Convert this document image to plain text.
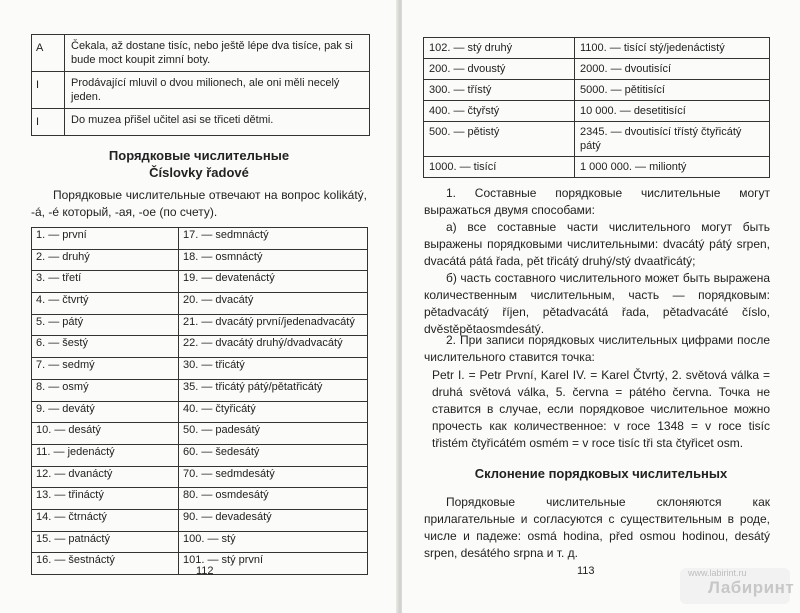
A	Čekala, až dostane tisíc, nebo ještě lépe dva tisíce, pak si bude moct koupit zimní boty.
I	Prodávající mluvil o dvou milionech, ale oni měli necelý jeden.
I	Do muzea přišel učitel asi se třiceti dětmi.
Порядковые числительные
Číslovky řadové
Порядковые числительные отвечают на вопрос kolikátý, -á, -é который, -ая, -ое (по счету).
1. — první	17. — sedmnáctý
2. — druhý	18. — osmnáctý
3. — třetí	19. — devatenáctý
4. — čtvrtý	20. — dvacátý
5. — pátý	21. — dvacátý první/jedenadvacátý
6. — šestý	22. — dvacátý druhý/dvadvacátý
7. — sedmý	30. — třicátý
8. — osmý	35. — třicátý pátý/pětatřicátý
9. — devátý	40. — čtyřicátý
10. — desátý	50. — padesátý
11. — jedenáctý	60. — šedesátý
12. — dvanáctý	70. — sedmdesátý
13. — třináctý	80. — osmdesátý
14. — čtrnáctý	90. — devadesátý
15. — patnáctý	100. — stý
16. — šestnáctý	101. — stý první
112
102. — stý druhý	1100. — tisící stý/jedenáctistý
200. — dvoustý	2000. — dvoutisící
300. — třístý	5000. — pětitisící
400. — čtyřstý	10 000. — desetitisící
500. — pětistý	2345. — dvoutisící třístý čtyřicátý pátý
1000. — tisící	1 000 000. — miliontý
1. Составные порядковые числительные могут выражаться двумя способами:
а) все составные части числительного могут быть выражены порядковыми числительными: dvacátý pátý srpen, dvacátá pátá řada, pět třicátý druhý/stý dvaatřicátý;
б) часть составного числительного может быть выражена количественным числительным, часть — порядковым: pětadvacátý říjen, pětadvacátá řada, pětadvacáté číslo, dvěstěpětaosmdesátý.
2. При записи порядковых числительных цифрами после числительного ставится точка:
Petr I. = Petr První, Karel IV. = Karel Čtvrtý, 2. světová válka = druhá světová válka, 5. června = pátého června. Точка не ставится в случае, если порядковое числительное можно прочесть как количественное: v roce 1348 = v roce tisíc třistém čtyřicátém osmém = v roce tisíc tři sta čtyřicet osm.
Порядковые числительные склоняются как прилагательные и согласуются с существительным в роде, числе и падеже: osmá hodina, před osmou hodinou, desátý srpen, desátého srpna и т. д.
113
Склонение порядковых числительных
www.labirint.ru
Лабиринт
